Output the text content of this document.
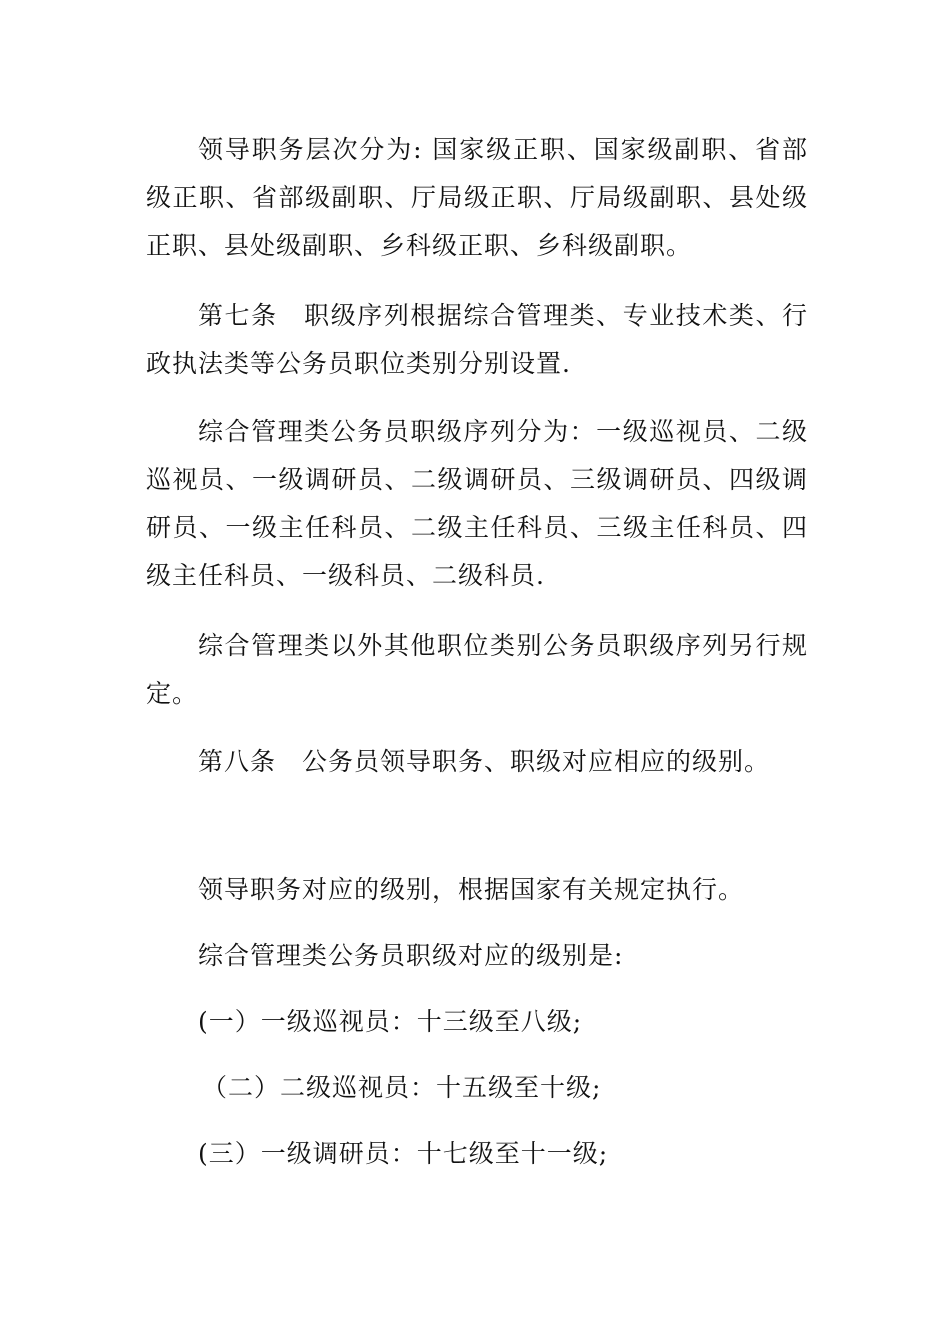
领导职务层次分为: 国家级正职、国家级副职、省部级正职、省部级副职、厅局级正职、厅局级副职、县处级正职、县处级副职、乡科级正职、乡科级副职。

第七条　职级序列根据综合管理类、专业技术类、行政执法类等公务员职位类别分别设置.

综合管理类公务员职级序列分为：一级巡视员、二级巡视员、一级调研员、二级调研员、三级调研员、四级调研员、一级主任科员、二级主任科员、三级主任科员、四级主任科员、一级科员、二级科员.

综合管理类以外其他职位类别公务员职级序列另行规定。

第八条　公务员领导职务、职级对应相应的级别。

领导职务对应的级别，根据国家有关规定执行。

综合管理类公务员职级对应的级别是:

(一）一级巡视员：十三级至八级;

（二）二级巡视员：十五级至十级;

(三）一级调研员：十七级至十一级;
